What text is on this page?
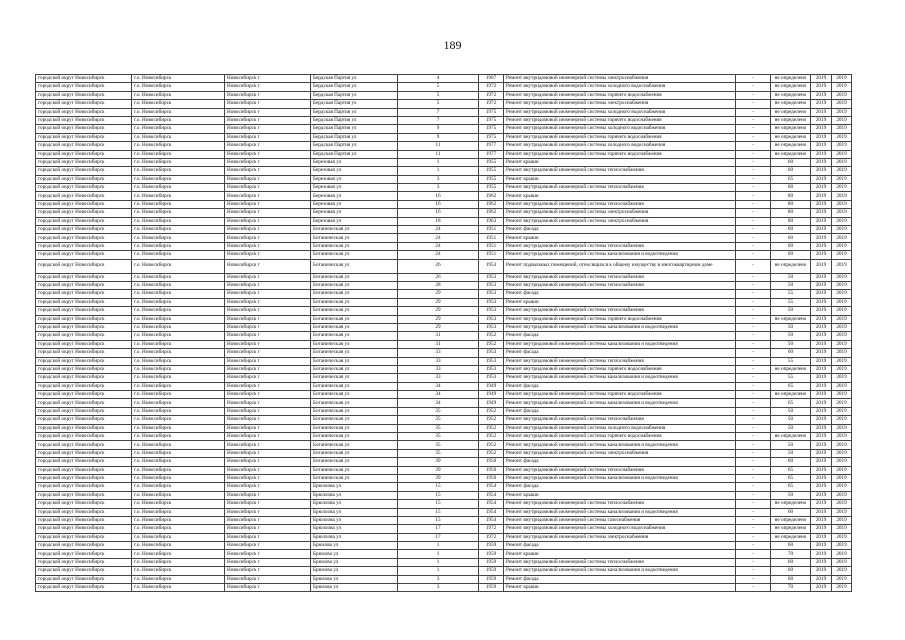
189
городской округ Новосибирск	г.о. Новосибирск	Новосибирск г	Бердская Партия ул	4	1967	Ремонт внутридомовой инженерной системы электроснабжения	-	не определено	2019	2019
городской округ Новосибирск	г.о. Новосибирск	Новосибирск г	Бердская Партия ул	5	1972	Ремонт внутридомовой инженерной системы холодного водоснабжения	-	не определено	2019	2019
городской округ Новосибирск	г.о. Новосибирск	Новосибирск г	Бердская Партия ул	5	1972	Ремонт внутридомовой инженерной системы горячего водоснабжения	-	не определено	2019	2019
городской округ Новосибирск	г.о. Новосибирск	Новосибирск г	Бердская Партия ул	5	1972	Ремонт внутридомовой инженерной системы электроснабжения	-	не определено	2019	2019
городской округ Новосибирск	г.о. Новосибирск	Новосибирск г	Бердская Партия ул	7	1975	Ремонт внутридомовой инженерной системы холодного водоснабжения	-	не определено	2019	2019
городской округ Новосибирск	г.о. Новосибирск	Новосибирск г	Бердская Партия ул	7	1975	Ремонт внутридомовой инженерной системы горячего водоснабжения	-	не определено	2019	2019
городской округ Новосибирск	г.о. Новосибирск	Новосибирск г	Бердская Партия ул	9	1975	Ремонт внутридомовой инженерной системы холодного водоснабжения	-	не определено	2019	2019
городской округ Новосибирск	г.о. Новосибирск	Новосибирск г	Бердская Партия ул	9	1975	Ремонт внутридомовой инженерной системы горячего водоснабжения	-	не определено	2019	2019
городской округ Новосибирск	г.о. Новосибирск	Новосибирск г	Бердская Партия ул	11	1977	Ремонт внутридомовой инженерной системы холодного водоснабжения	-	не определено	2019	2019
городской округ Новосибирск	г.о. Новосибирск	Новосибирск г	Бердская Партия ул	11	1977	Ремонт внутридомовой инженерной системы горячего водоснабжения	-	не определено	2019	2019
городской округ Новосибирск	г.о. Новосибирск	Новосибирск г	Березовая ул	1	1955	Ремонт крыши	-	60	2019	2019
городской округ Новосибирск	г.о. Новосибирск	Новосибирск г	Березовая ул	1	1955	Ремонт внутридомовой инженерной системы теплоснабжения	-	60	2019	2019
городской округ Новосибирск	г.о. Новосибирск	Новосибирск г	Березовая ул	3	1955	Ремонт крыши	-	65	2019	2019
городской округ Новосибирск	г.о. Новосибирск	Новосибирск г	Березовая ул	3	1955	Ремонт внутридомовой инженерной системы теплоснабжения	-	60	2019	2019
городской округ Новосибирск	г.о. Новосибирск	Новосибирск г	Березовая ул	16	1962	Ремонт крыши	-	80	2019	2019
городской округ Новосибирск	г.о. Новосибирск	Новосибирск г	Березовая ул	16	1962	Ремонт внутридомовой инженерной системы теплоснабжения	-	80	2019	2019
городской округ Новосибирск	г.о. Новосибирск	Новосибирск г	Березовая ул	16	1962	Ремонт внутридомовой инженерной системы электроснабжения	-	80	2019	2019
городской округ Новосибирск	г.о. Новосибирск	Новосибирск г	Березовая ул	18	1963	Ремонт внутридомовой инженерной системы электроснабжения	-	80	2019	2019
городской округ Новосибирск	г.о. Новосибирск	Новосибирск г	Ботаническая ул	24	1951	Ремонт фасада	-	60	2019	2019
городской округ Новосибирск	г.о. Новосибирск	Новосибирск г	Ботаническая ул	24	1951	Ремонт крыши	-	60	2019	2019
городской округ Новосибирск	г.о. Новосибирск	Новосибирск г	Ботаническая ул	24	1951	Ремонт внутридомовой инженерной системы теплоснабжения	-	60	2019	2019
городской округ Новосибирск	г.о. Новосибирск	Новосибирск г	Ботаническая ул	24	1951	Ремонт внутридомовой инженерной системы канализования и водоотведения	-	60	2019	2019
городской округ Новосибирск	г.о. Новосибирск	Новосибирск г	Ботаническая ул	26	1953	Ремонт подвальных помещений, относящихся к общему имуществу в многоквартирном доме	-	не определено	2019	2019
городской округ Новосибирск	г.о. Новосибирск	Новосибирск г	Ботаническая ул	26	1953	Ремонт внутридомовой инженерной системы теплоснабжения	-	50	2019	2019
городской округ Новосибирск	г.о. Новосибирск	Новосибирск г	Ботаническая ул	28	1953	Ремонт внутридомовой инженерной системы теплоснабжения	-	50	2019	2019
городской округ Новосибирск	г.о. Новосибирск	Новосибирск г	Ботаническая ул	29	1953	Ремонт фасада	-	55	2019	2019
городской округ Новосибирск	г.о. Новосибирск	Новосибирск г	Ботаническая ул	29	1953	Ремонт крыши	-	55	2019	2019
городской округ Новосибирск	г.о. Новосибирск	Новосибирск г	Ботаническая ул	29	1953	Ремонт внутридомовой инженерной системы теплоснабжения	-	50	2019	2019
городской округ Новосибирск	г.о. Новосибирск	Новосибирск г	Ботаническая ул	29	1953	Ремонт внутридомовой инженерной системы горячего водоснабжения	-	не определено	2019	2019
городской округ Новосибирск	г.о. Новосибирск	Новосибирск г	Ботаническая ул	29	1953	Ремонт внутридомовой инженерной системы канализования и водоотведения	-	50	2019	2019
городской округ Новосибирск	г.о. Новосибирск	Новосибирск г	Ботаническая ул	31	1952	Ремонт фасада	-	50	2019	2019
городской округ Новосибирск	г.о. Новосибирск	Новосибирск г	Ботаническая ул	31	1952	Ремонт внутридомовой инженерной системы канализования и водоотведения	-	50	2019	2019
городской округ Новосибирск	г.о. Новосибирск	Новосибирск г	Ботаническая ул	33	1953	Ремонт фасада	-	60	2019	2019
городской округ Новосибирск	г.о. Новосибирск	Новосибирск г	Ботаническая ул	33	1953	Ремонт внутридомовой инженерной системы теплоснабжения	-	55	2019	2019
городской округ Новосибирск	г.о. Новосибирск	Новосибирск г	Ботаническая ул	33	1953	Ремонт внутридомовой инженерной системы горячего водоснабжения	-	не определено	2019	2019
городской округ Новосибирск	г.о. Новосибирск	Новосибирск г	Ботаническая ул	33	1953	Ремонт внутридомовой инженерной системы канализования и водоотведения	-	55	2019	2019
городской округ Новосибирск	г.о. Новосибирск	Новосибирск г	Ботаническая ул	34	1949	Ремонт фасада	-	65	2019	2019
городской округ Новосибирск	г.о. Новосибирск	Новосибирск г	Ботаническая ул	34	1949	Ремонт внутридомовой инженерной системы горячего водоснабжения	-	не определено	2019	2019
городской округ Новосибирск	г.о. Новосибирск	Новосибирск г	Ботаническая ул	34	1949	Ремонт внутридомовой инженерной системы канализования и водоотведения	-	65	2019	2019
городской округ Новосибирск	г.о. Новосибирск	Новосибирск г	Ботаническая ул	35	1952	Ремонт фасада	-	50	2019	2019
городской округ Новосибирск	г.о. Новосибирск	Новосибирск г	Ботаническая ул	35	1952	Ремонт внутридомовой инженерной системы теплоснабжения	-	50	2019	2019
городской округ Новосибирск	г.о. Новосибирск	Новосибирск г	Ботаническая ул	35	1952	Ремонт внутридомовой инженерной системы холодного водоснабжения	-	50	2019	2019
городской округ Новосибирск	г.о. Новосибирск	Новосибирск г	Ботаническая ул	35	1952	Ремонт внутридомовой инженерной системы горячего водоснабжения	-	не определено	2019	2019
городской округ Новосибирск	г.о. Новосибирск	Новосибирск г	Ботаническая ул	35	1952	Ремонт внутридомовой инженерной системы канализования и водоотведения	-	50	2019	2019
городской округ Новосибирск	г.о. Новосибирск	Новосибирск г	Ботаническая ул	35	1952	Ремонт внутридомовой инженерной системы электроснабжения	-	50	2019	2019
городской округ Новосибирск	г.о. Новосибирск	Новосибирск г	Ботаническая ул	39	1950	Ремонт фасада	-	60	2019	2019
городской округ Новосибирск	г.о. Новосибирск	Новосибирск г	Ботаническая ул	39	1950	Ремонт внутридомовой инженерной системы теплоснабжения	-	65	2019	2019
городской округ Новосибирск	г.о. Новосибирск	Новосибирск г	Ботаническая ул	39	1950	Ремонт внутридомовой инженерной системы канализования и водоотведения	-	65	2019	2019
городской округ Новосибирск	г.о. Новосибирск	Новосибирск г	Брюллова ул	15	1954	Ремонт фасада	-	65	2019	2019
городской округ Новосибирск	г.о. Новосибирск	Новосибирск г	Брюллова ул	15	1954	Ремонт крыши	-	50	2019	2019
городской округ Новосибирск	г.о. Новосибирск	Новосибирск г	Брюллова ул	15	1954	Ремонт внутридомовой инженерной системы теплоснабжения	-	не определено	2019	2019
городской округ Новосибирск	г.о. Новосибирск	Новосибирск г	Брюллова ул	15	1954	Ремонт внутридомовой инженерной системы канализования и водоотведения	-	60	2019	2019
городской округ Новосибирск	г.о. Новосибирск	Новосибирск г	Брюллова ул	15	1954	Ремонт внутридомовой инженерной системы газоснабжения	-	не определено	2019	2019
городской округ Новосибирск	г.о. Новосибирск	Новосибирск г	Брюллова ул	17	1972	Ремонт внутридомовой инженерной системы холодного водоснабжения	-	не определено	2019	2019
городской округ Новосибирск	г.о. Новосибирск	Новосибирск г	Брюллова ул	17	1972	Ремонт внутридомовой инженерной системы электроснабжения	-	не определено	2019	2019
городской округ Новосибирск	г.о. Новосибирск	Новосибирск г	Брюхова ул	1	1959	Ремонт фасада	-	60	2019	2019
городской округ Новосибирск	г.о. Новосибирск	Новосибирск г	Брюхова ул	1	1959	Ремонт крыши	-	70	2019	2019
городской округ Новосибирск	г.о. Новосибирск	Новосибирск г	Брюхова ул	1	1959	Ремонт внутридомовой инженерной системы теплоснабжения	-	60	2019	2019
городской округ Новосибирск	г.о. Новосибирск	Новосибирск г	Брюхова ул	1	1959	Ремонт внутридомовой инженерной системы канализования и водоотведения	-	60	2019	2019
городской округ Новосибирск	г.о. Новосибирск	Новосибирск г	Брюхова ул	3	1959	Ремонт фасада	-	60	2019	2019
городской округ Новосибирск	г.о. Новосибирск	Новосибирск г	Брюхова ул	3	1959	Ремонт крыши	-	70	2019	2019
